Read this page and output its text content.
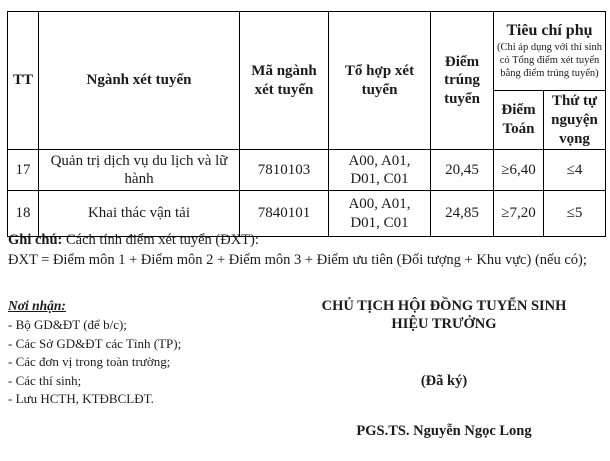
TT	Ngành xét tuyển	Mã ngành xét tuyển	Tổ hợp xét tuyển	Điểm trúng tuyển	Tiêu chí phụ
(Chỉ áp dụng với thí sinh có Tổng điểm xét tuyển bằng điểm trúng tuyển)	

					Điểm Toán	Thứ tự nguyện vọng
17	Quản trị dịch vụ du lịch và lữ hành	7810103	A00, A01, D01, C01	20,45	≥6,40	≤4
18	Khai thác vận tải	7840101	A00, A01, D01, C01	24,85	≥7,20	≤5
Ghi chú: Cách tính điểm xét tuyển (ĐXT):
ĐXT = Điểm môn 1 + Điểm môn 2 + Điểm môn 3 + Điểm ưu tiên (Đối tượng + Khu vực) (nếu có);
Nơi nhận:
- Bộ GD&ĐT (để b/c);
- Các Sở GD&ĐT các Tỉnh (TP);
- Các đơn vị trong toàn trường;
- Các thí sinh;
- Lưu HCTH, KTĐBCLĐT.
CHỦ TỊCH HỘI ĐỒNG TUYỂN SINH
HIỆU TRƯỞNG
(Đã ký)
PGS.TS. Nguyễn Ngọc Long
